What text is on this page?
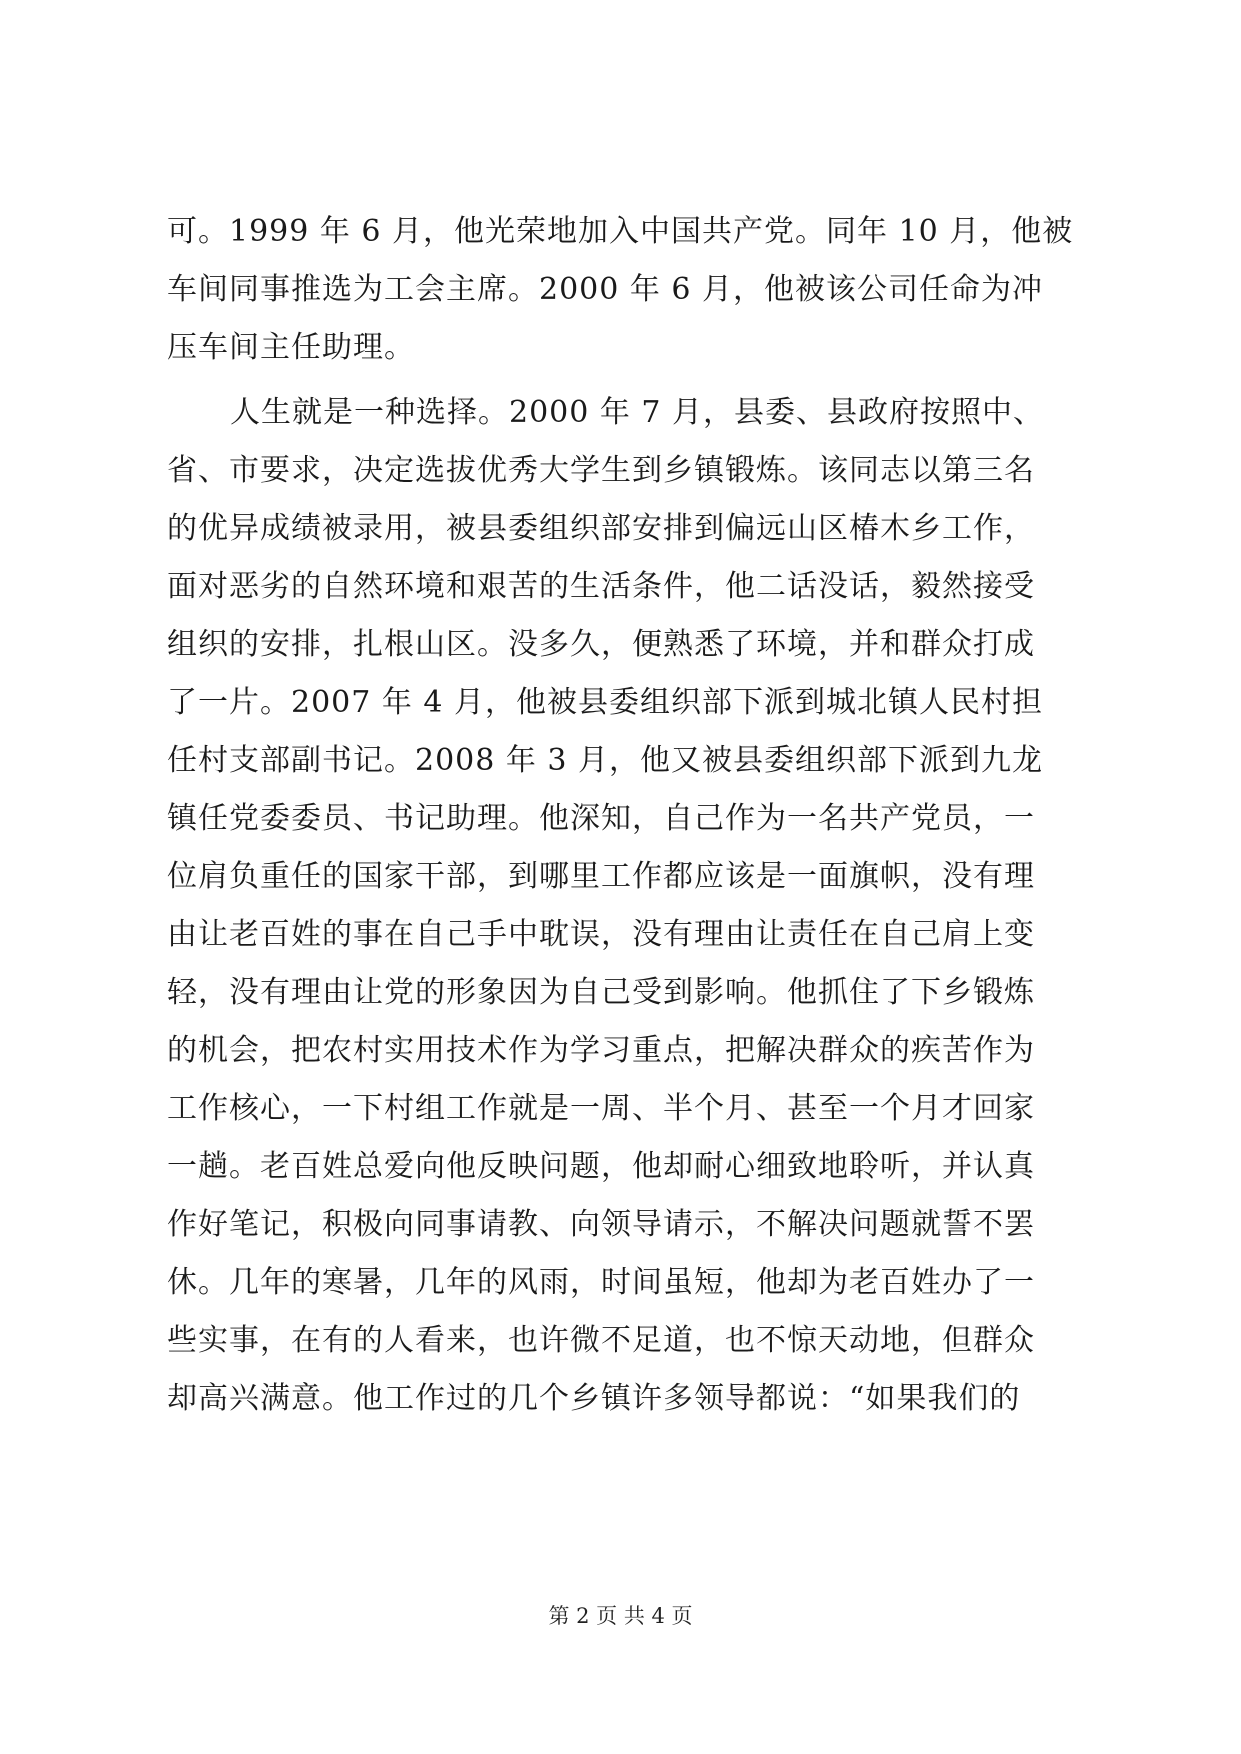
可。1999 年 6 月，他光荣地加入中国共产党。同年 10 月，他被
车间同事推选为工会主席。2000 年 6 月，他被该公司任命为冲
压车间主任助理。
人生就是一种选择。2000 年 7 月，县委、县政府按照中、
省、市要求，决定选拔优秀大学生到乡镇锻炼。该同志以第三名
的优异成绩被录用，被县委组织部安排到偏远山区椿木乡工作，
面对恶劣的自然环境和艰苦的生活条件，他二话没话，毅然接受
组织的安排，扎根山区。没多久，便熟悉了环境，并和群众打成
了一片。2007 年 4 月，他被县委组织部下派到城北镇人民村担
任村支部副书记。2008 年 3 月，他又被县委组织部下派到九龙
镇任党委委员、书记助理。他深知，自己作为一名共产党员，一
位肩负重任的国家干部，到哪里工作都应该是一面旗帜，没有理
由让老百姓的事在自己手中耽误，没有理由让责任在自己肩上变
轻，没有理由让党的形象因为自己受到影响。他抓住了下乡锻炼
的机会，把农村实用技术作为学习重点，把解决群众的疾苦作为
工作核心，一下村组工作就是一周、半个月、甚至一个月才回家
一趟。老百姓总爱向他反映问题，他却耐心细致地聆听，并认真
作好笔记，积极向同事请教、向领导请示，不解决问题就誓不罢
休。几年的寒暑，几年的风雨，时间虽短，他却为老百姓办了一
些实事，在有的人看来，也许微不足道，也不惊天动地，但群众
却高兴满意。他工作过的几个乡镇许多领导都说：“如果我们的
第 2 页 共 4 页
